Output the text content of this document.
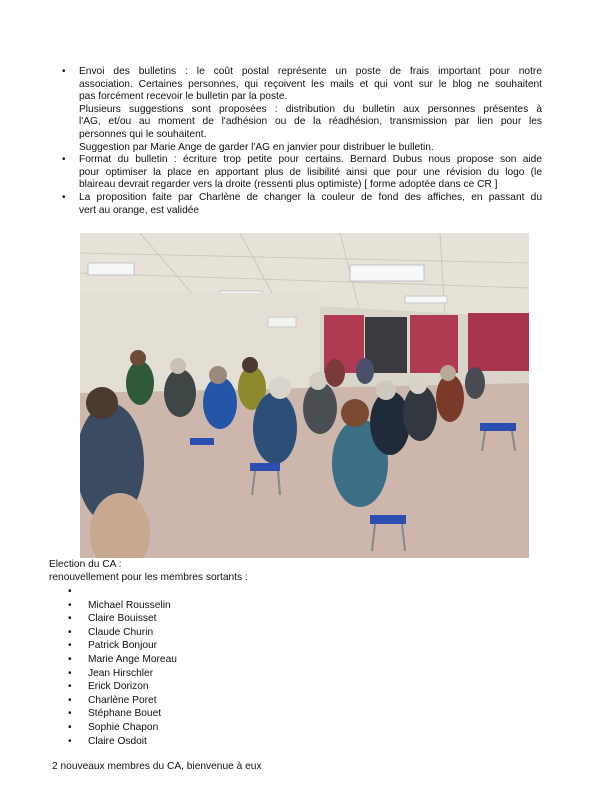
• Envoi des bulletins : le coût postal représente un poste de frais important pour notre
association. Certaines personnes, qui reçoivent les mails et qui vont sur le blog ne souhaitent
pas forcément recevoir le bulletin par la poste.
Plusieurs suggestions sont proposées : distribution du bulletin aux personnes présentes à
l'AG, et/ou au moment de l'adhésion ou de la réadhésion, transmission par lien pour les
personnes qui le souhaitent.
Suggestion par Marie Ange de garder l'AG en janvier pour distribuer le bulletin.
• Format du bulletin : écriture trop petite pour certains. Bernard Dubus nous propose son aide
pour optimiser la place en apportant plus de lisibilité ainsi que pour une révision du logo (le
blaireau devrait regarder vers la droite (ressenti plus optimiste) [ forme adoptée dans ce CR ]
• La proposition faite par Charlène de changer la couleur de fond des affiches, en passant du
vert au orange, est validée

Election du CA :

renouvellement pour les membres sortants :

•
• Michael Rousselin
• Claire Bouisset
• Claude Churin
• Patrick Bonjour
• Marie Ange Moreau
• Jean Hirschler
• Erick Dorizon
• Charlène Poret
• Stéphane Bouet
• Sophie Chapon
• Claire Osdoit

2 nouveaux membres du CA, bienvenue à eux
